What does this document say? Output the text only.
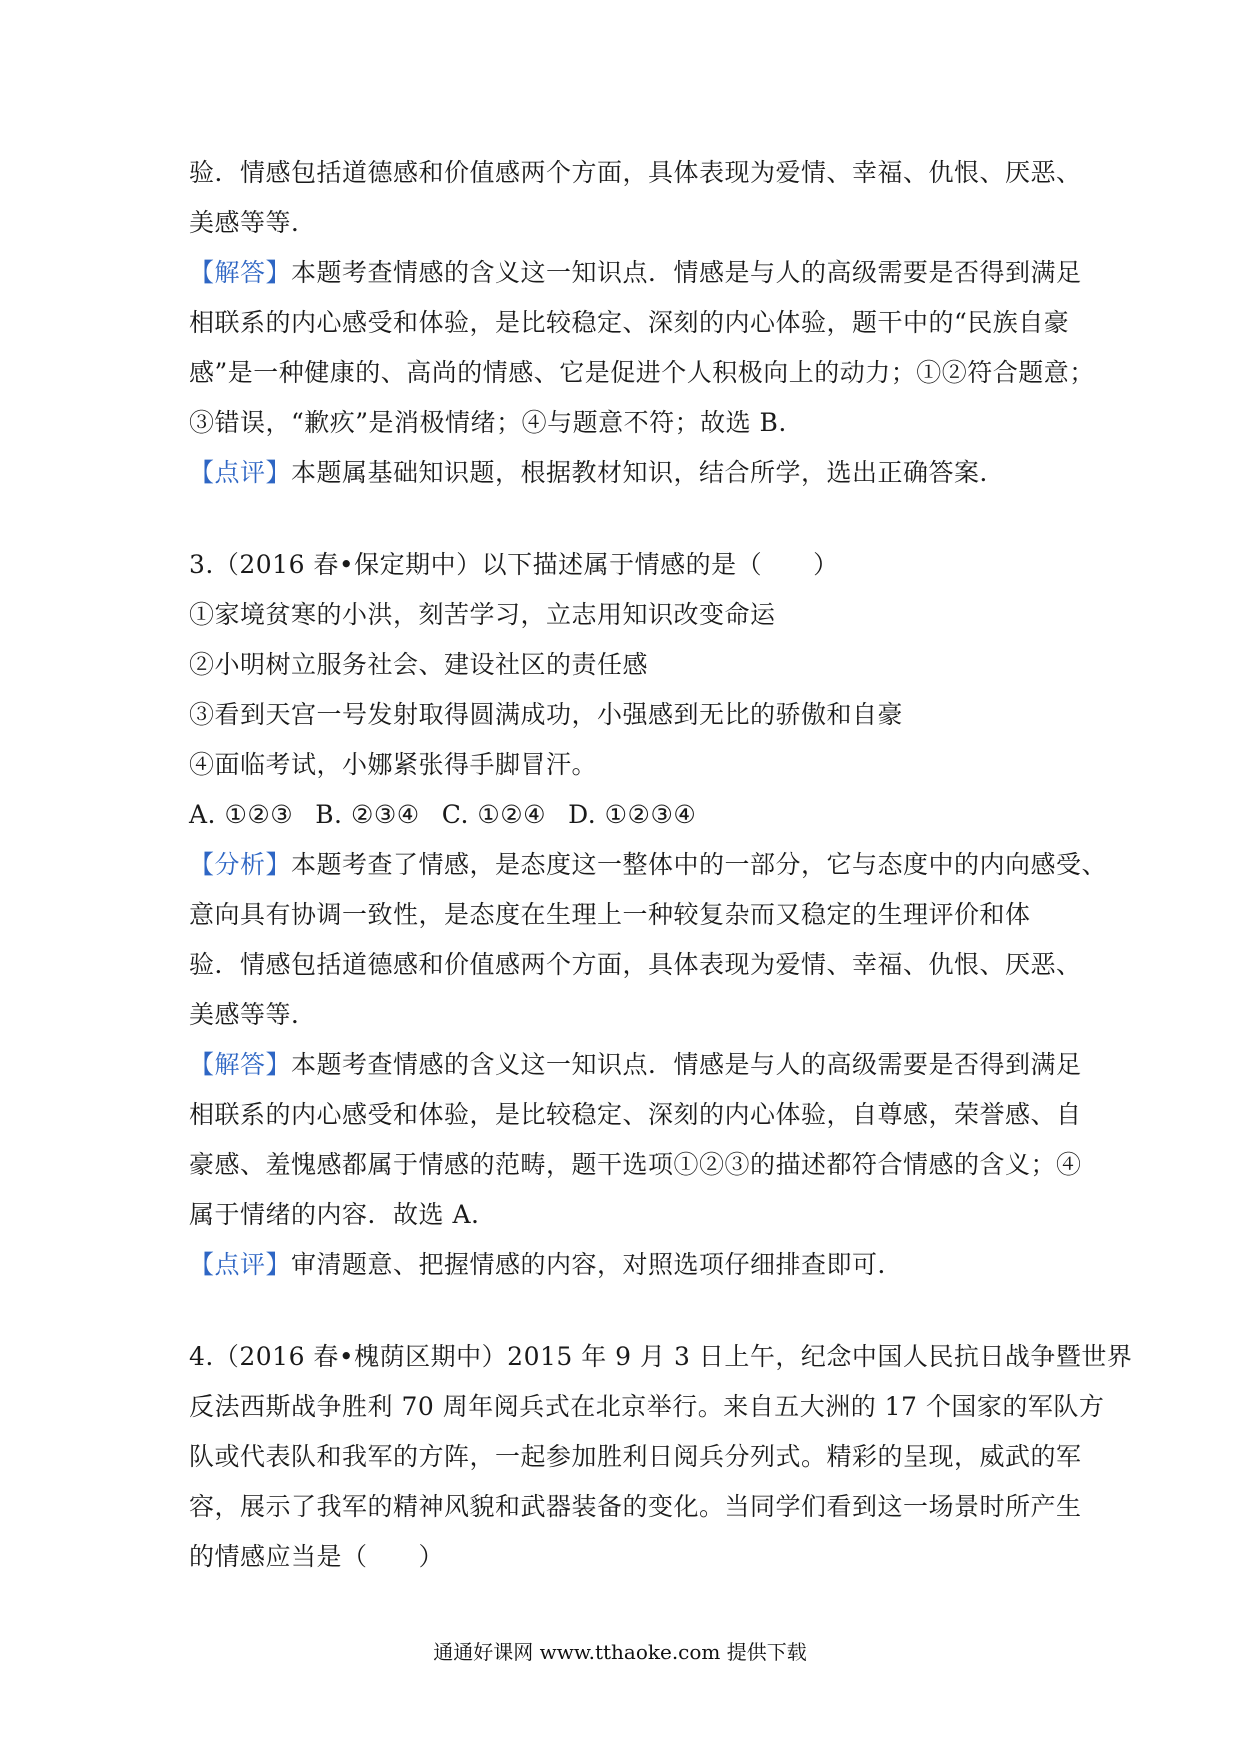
验．情感包括道德感和价值感两个方面，具体表现为爱情、幸福、仇恨、厌恶、
美感等等．
【解答】本题考查情感的含义这一知识点．情感是与人的高级需要是否得到满足
相联系的内心感受和体验，是比较稳定、深刻的内心体验，题干中的“民族自豪
感”是一种健康的、高尚的情感、它是促进个人积极向上的动力；①②符合题意；
③错误，“歉疚”是消极情绪；④与题意不符；故选 B.
【点评】本题属基础知识题，根据教材知识，结合所学，选出正确答案．
3.（2016 春•保定期中）以下描述属于情感的是（　　）
①家境贫寒的小洪，刻苦学习，立志用知识改变命运
②小明树立服务社会、建设社区的责任感
③看到天宫一号发射取得圆满成功，小强感到无比的骄傲和自豪
④面临考试，小娜紧张得手脚冒汗。
A. ①②③ B. ②③④ C. ①②④ D. ①②③④
【分析】本题考查了情感，是态度这一整体中的一部分，它与态度中的内向感受、
意向具有协调一致性，是态度在生理上一种较复杂而又稳定的生理评价和体
验．情感包括道德感和价值感两个方面，具体表现为爱情、幸福、仇恨、厌恶、
美感等等．
【解答】本题考查情感的含义这一知识点．情感是与人的高级需要是否得到满足
相联系的内心感受和体验，是比较稳定、深刻的内心体验，自尊感，荣誉感、自
豪感、羞愧感都属于情感的范畴，题干选项①②③的描述都符合情感的含义；④
属于情绪的内容．故选 A.
【点评】审清题意、把握情感的内容，对照选项仔细排查即可．
4.（2016 春•槐荫区期中）2015 年 9 月 3 日上午，纪念中国人民抗日战争暨世界
反法西斯战争胜利 70 周年阅兵式在北京举行。来自五大洲的 17 个国家的军队方
队或代表队和我军的方阵，一起参加胜利日阅兵分列式。精彩的呈现，威武的军
容，展示了我军的精神风貌和武器装备的变化。当同学们看到这一场景时所产生
的情感应当是（　　）
通通好课网 www.tthaoke.com 提供下载
